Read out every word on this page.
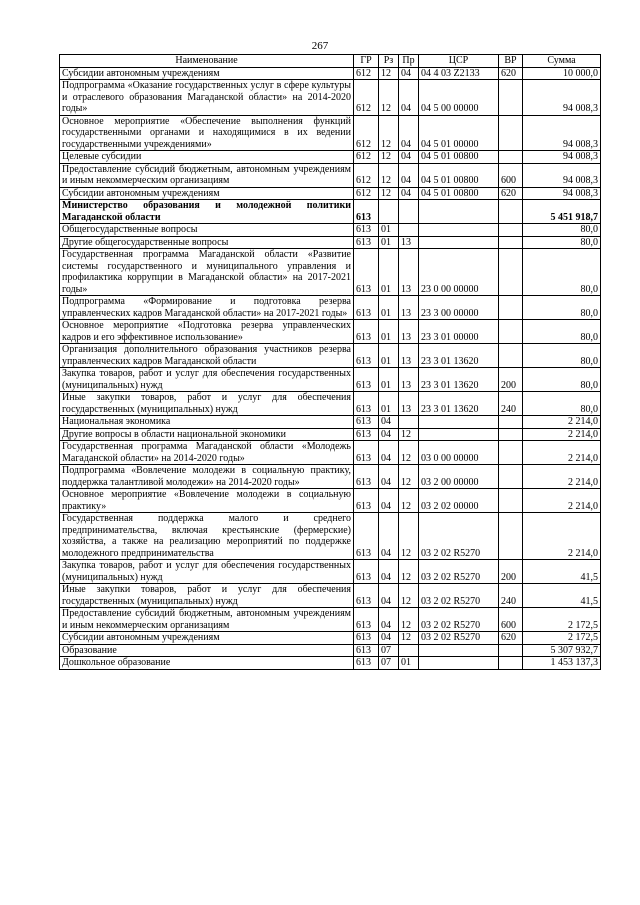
267
Наименование	ГР	Рз	Пр	ЦСР	ВР	Сумма
Субсидии автономным учреждениям	612	12	04	04 4 03 Z2133	620	10 000,0
Подпрограмма «Оказание государственных услуг в сфере культуры и отраслевого образования Магаданской области» на 2014-2020 годы»	612	12	04	04 5 00 00000		94 008,3
Основное мероприятие «Обеспечение выполнения функций государственными органами и находящимися в их ведении государственными учреждениями»	612	12	04	04 5 01 00000		94 008,3
Целевые субсидии	612	12	04	04 5 01 00800		94 008,3
Предоставление субсидий бюджетным, автономным учреждениям и иным некоммерческим организациям	612	12	04	04 5 01 00800	600	94 008,3
Субсидии автономным учреждениям	612	12	04	04 5 01 00800	620	94 008,3
Министерство образования и молодежной политики Магаданской области	613					5 451 918,7
Общегосударственные вопросы	613	01				80,0
Другие общегосударственные вопросы	613	01	13			80,0
Государственная программа Магаданской области «Развитие системы государственного и муниципального управления и профилактика коррупции в Магаданской области» на 2017-2021 годы»	613	01	13	23 0 00 00000		80,0
Подпрограмма «Формирование и подготовка резерва управленческих кадров Магаданской области» на 2017-2021 годы»	613	01	13	23 3 00 00000		80,0
Основное мероприятие «Подготовка резерва управленческих кадров и его эффективное использование»	613	01	13	23 3 01 00000		80,0
Организация дополнительного образования участников резерва управленческих кадров Магаданской области	613	01	13	23 3 01 13620		80,0
Закупка товаров, работ и услуг для обеспечения государственных (муниципальных) нужд	613	01	13	23 3 01 13620	200	80,0
Иные закупки товаров, работ и услуг для обеспечения государственных (муниципальных) нужд	613	01	13	23 3 01 13620	240	80,0
Национальная экономика	613	04				2 214,0
Другие вопросы в области национальной экономики	613	04	12			2 214,0
Государственная программа Магаданской области «Молодежь Магаданской области» на 2014-2020 годы»	613	04	12	03 0 00 00000		2 214,0
Подпрограмма «Вовлечение молодежи в социальную практику, поддержка талантливой молодежи» на 2014-2020 годы»	613	04	12	03 2 00 00000		2 214,0
Основное мероприятие «Вовлечение молодежи в социальную практику»	613	04	12	03 2 02 00000		2 214,0
Государственная поддержка малого и среднего предпринимательства, включая крестьянские (фермерские) хозяйства, а также на реализацию мероприятий по поддержке молодежного предпринимательства	613	04	12	03 2 02 R5270		2 214,0
Закупка товаров, работ и услуг для обеспечения государственных (муниципальных) нужд	613	04	12	03 2 02 R5270	200	41,5
Иные закупки товаров, работ и услуг для обеспечения государственных (муниципальных) нужд	613	04	12	03 2 02 R5270	240	41,5
Предоставление субсидий бюджетным, автономным учреждениям и иным некоммерческим организациям	613	04	12	03 2 02 R5270	600	2 172,5
Субсидии автономным учреждениям	613	04	12	03 2 02 R5270	620	2 172,5
Образование	613	07				5 307 932,7
Дошкольное образование	613	07	01			1 453 137,3
